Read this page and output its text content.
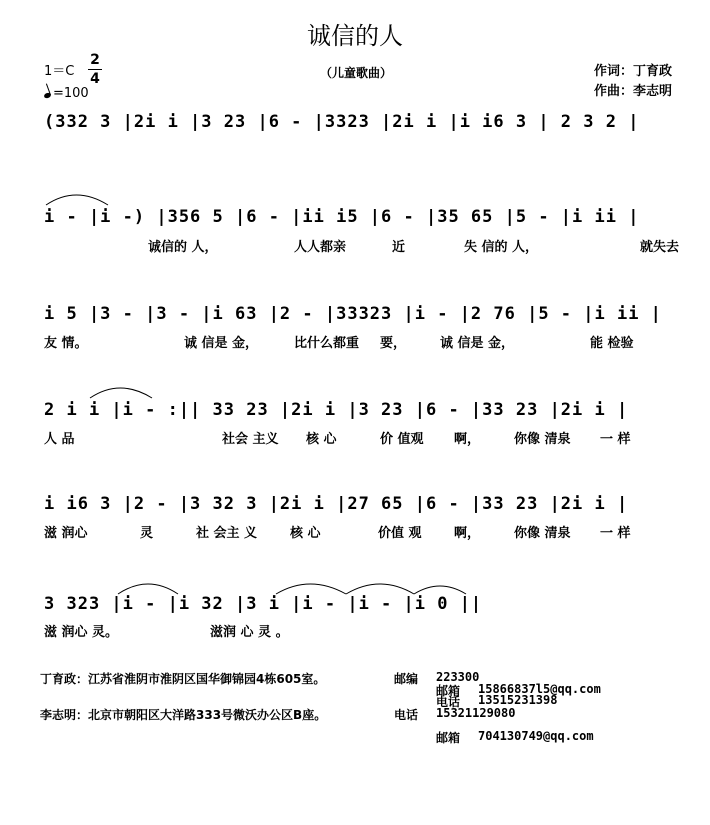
诚信的人
（儿童歌曲）	作词：丁育政
作曲：李志明
1＝C
2
4
=100
(332 3 |2i i |3 23 |6 - |3323 |2i i |i i6 3 | 2 3 2 |
i - |i -) |356 5 |6 - |ii i5 |6 - |35 65 |5 - |i ii |
诚信的 人，	人人都亲	近	失 信的 人，	就失去
i 5 |3 - |3 - |i 63 |2 - |33323 |i - |2 76 |5 - |i ii |
友 情。	诚 信是 金，	比什么都重 要，	诚 信是 金，	能 检验
2 i i |i - :|| 33 23 |2i i |3 23 |6 - |33 23 |2i i |
人 品	社会 主义 核 心	价 值观 啊，	你像 清泉 一 样
i i6 3 |2 - |3 32 3 |2i i |27 65 |6 - |33 23 |2i i |
滋 润心	灵	社 会主 义	核 心	价值 观 啊，	你像 清泉 一 样
3 323 |i - |i 32 |3 i |i - |i - |i 0 ||
滋 润心 灵。	滋润 心 灵 。
丁育政：江苏省淮阴市淮阴区国华御锦园4栋605室。	邮编 223300
邮箱 15866837l5@qq.com
电话 13515231398
李志明：北京市朝阳区大洋路333号微沃办公区B座。	电话 15321129080
邮箱 704130749@qq.com
